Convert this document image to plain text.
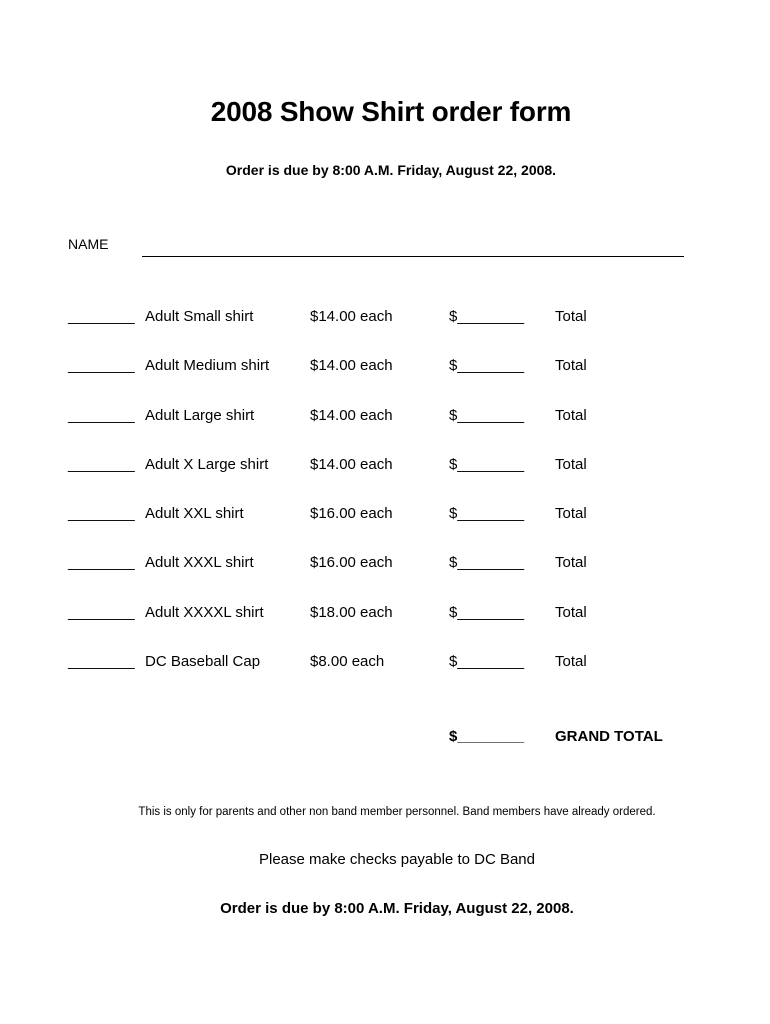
2008 Show Shirt order form
Order is due by 8:00 A.M. Friday, August 22, 2008.
NAME
________ Adult Small shirt	$14.00 each	$________ Total
________ Adult Medium shirt	$14.00 each	$________ Total
________ Adult Large shirt	$14.00 each	$________ Total
________ Adult X Large shirt	$14.00 each	$________ Total
________ Adult XXL shirt	$16.00 each	$________ Total
________ Adult XXXL shirt	$16.00 each	$________ Total
________ Adult XXXXL shirt	$18.00 each	$________ Total
________ DC Baseball Cap	$8.00 each	$________ Total
$________ GRAND TOTAL
This is only for parents and other non band member personnel. Band members have already ordered.
Please make checks payable to DC Band
Order is due by 8:00 A.M. Friday, August 22, 2008.
